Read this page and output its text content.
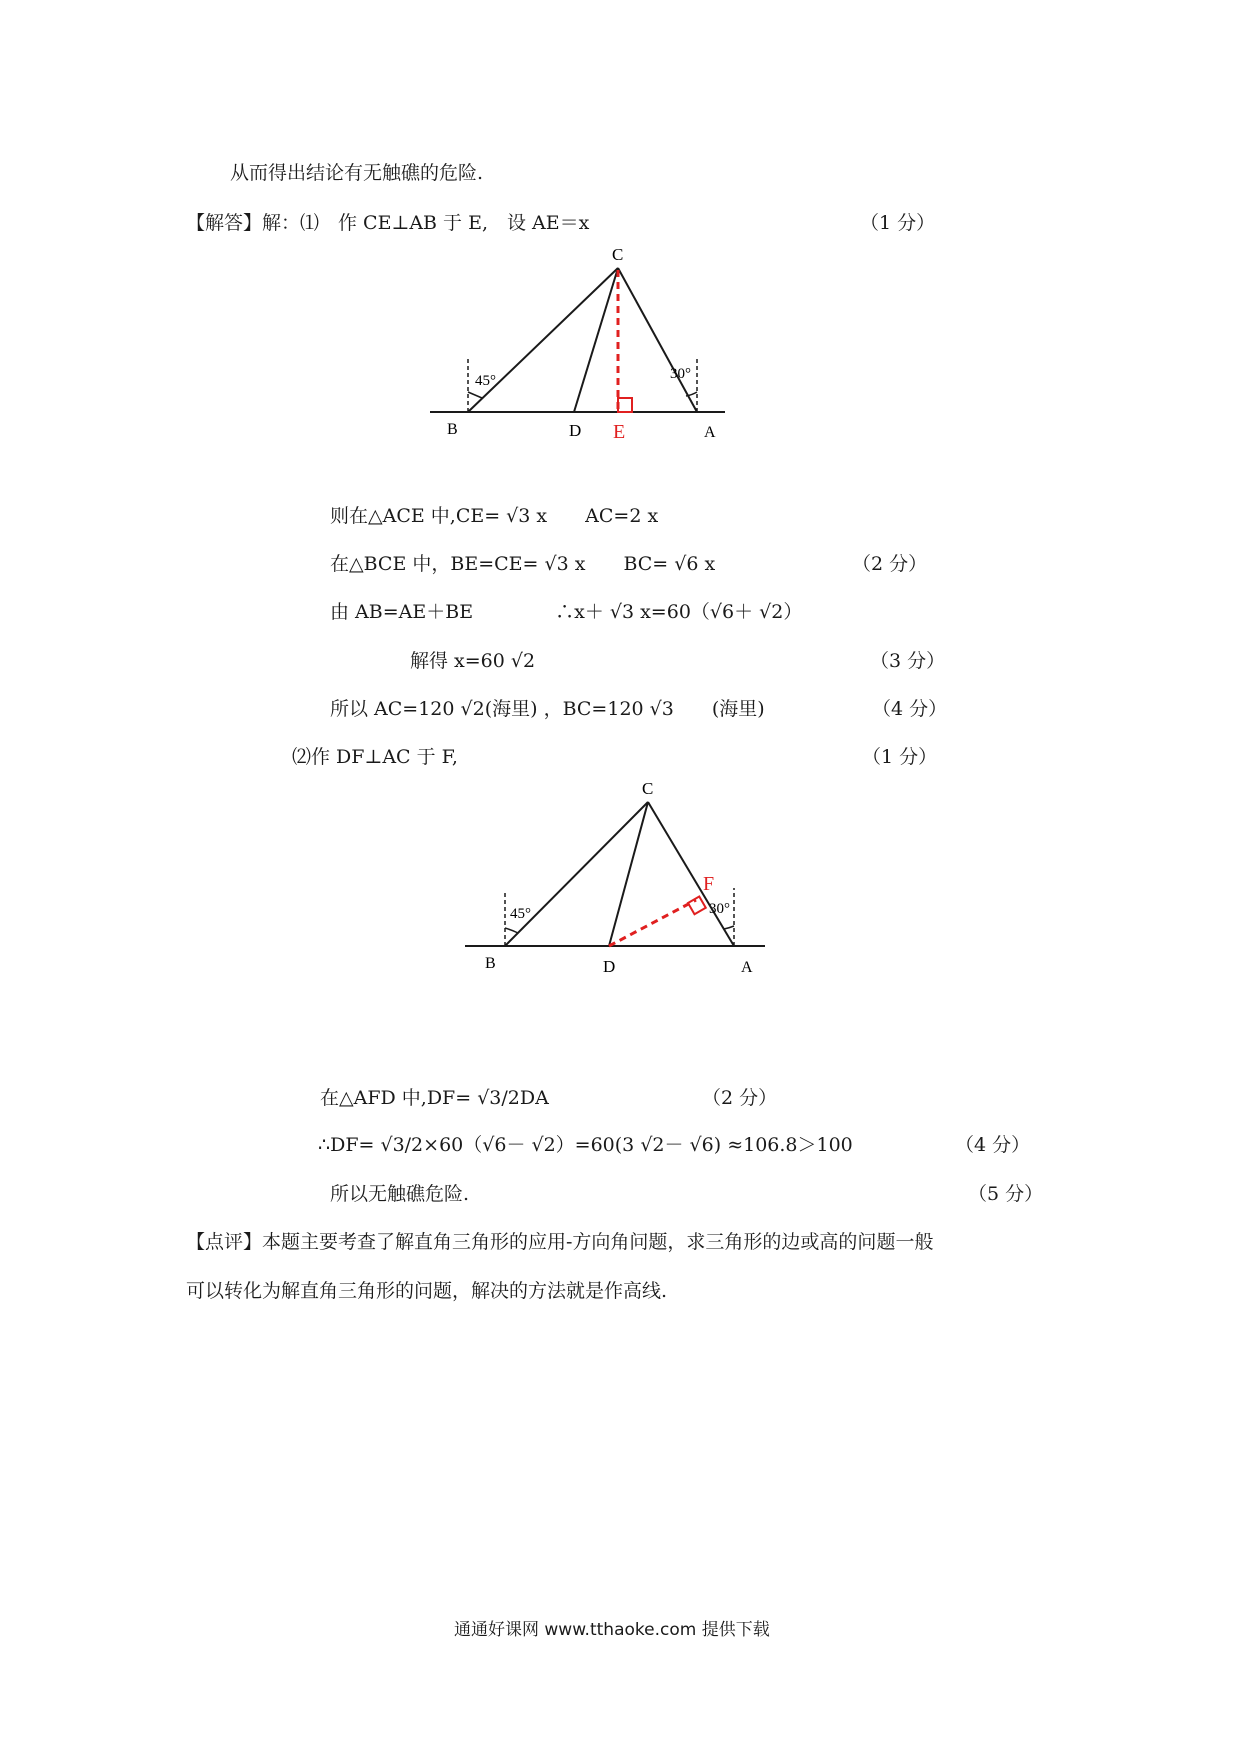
从而得出结论有无触礁的危险.
【解答】解：⑴　作 CE⊥AB 于 E,　设 AE＝x	（1 分）
45°	30°
C
B	D E	A
则在△ACE 中,CE= √3 x　　AC=2 x
在△BCE 中，BE=CE= √3 x　　BC= √6 x	（2 分）
由 AB=AE＋BE　　　　 ∴x＋ √3 x=60（√6＋ √2）
解得 x=60 √2	（3 分）
所以 AC=120 √2(海里) ，BC=120 √3　　(海里)	（4 分）
⑵作 DF⊥AC 于 F,	（1 分）
45°	30°
C
B	D
F
A
在△AFD 中,DF= √3/2DA	（2 分）
∴DF= √3/2×60（√6－ √2）=60(3 √2－ √6) ≈106.8＞100	（4 分）
所以无触礁危险.	（5 分）
【点评】本题主要考查了解直角三角形的应用-方向角问题，求三角形的边或高的问题一般
可以转化为解直角三角形的问题，解决的方法就是作高线.
通通好课网 www.tthaoke.com 提供下载
